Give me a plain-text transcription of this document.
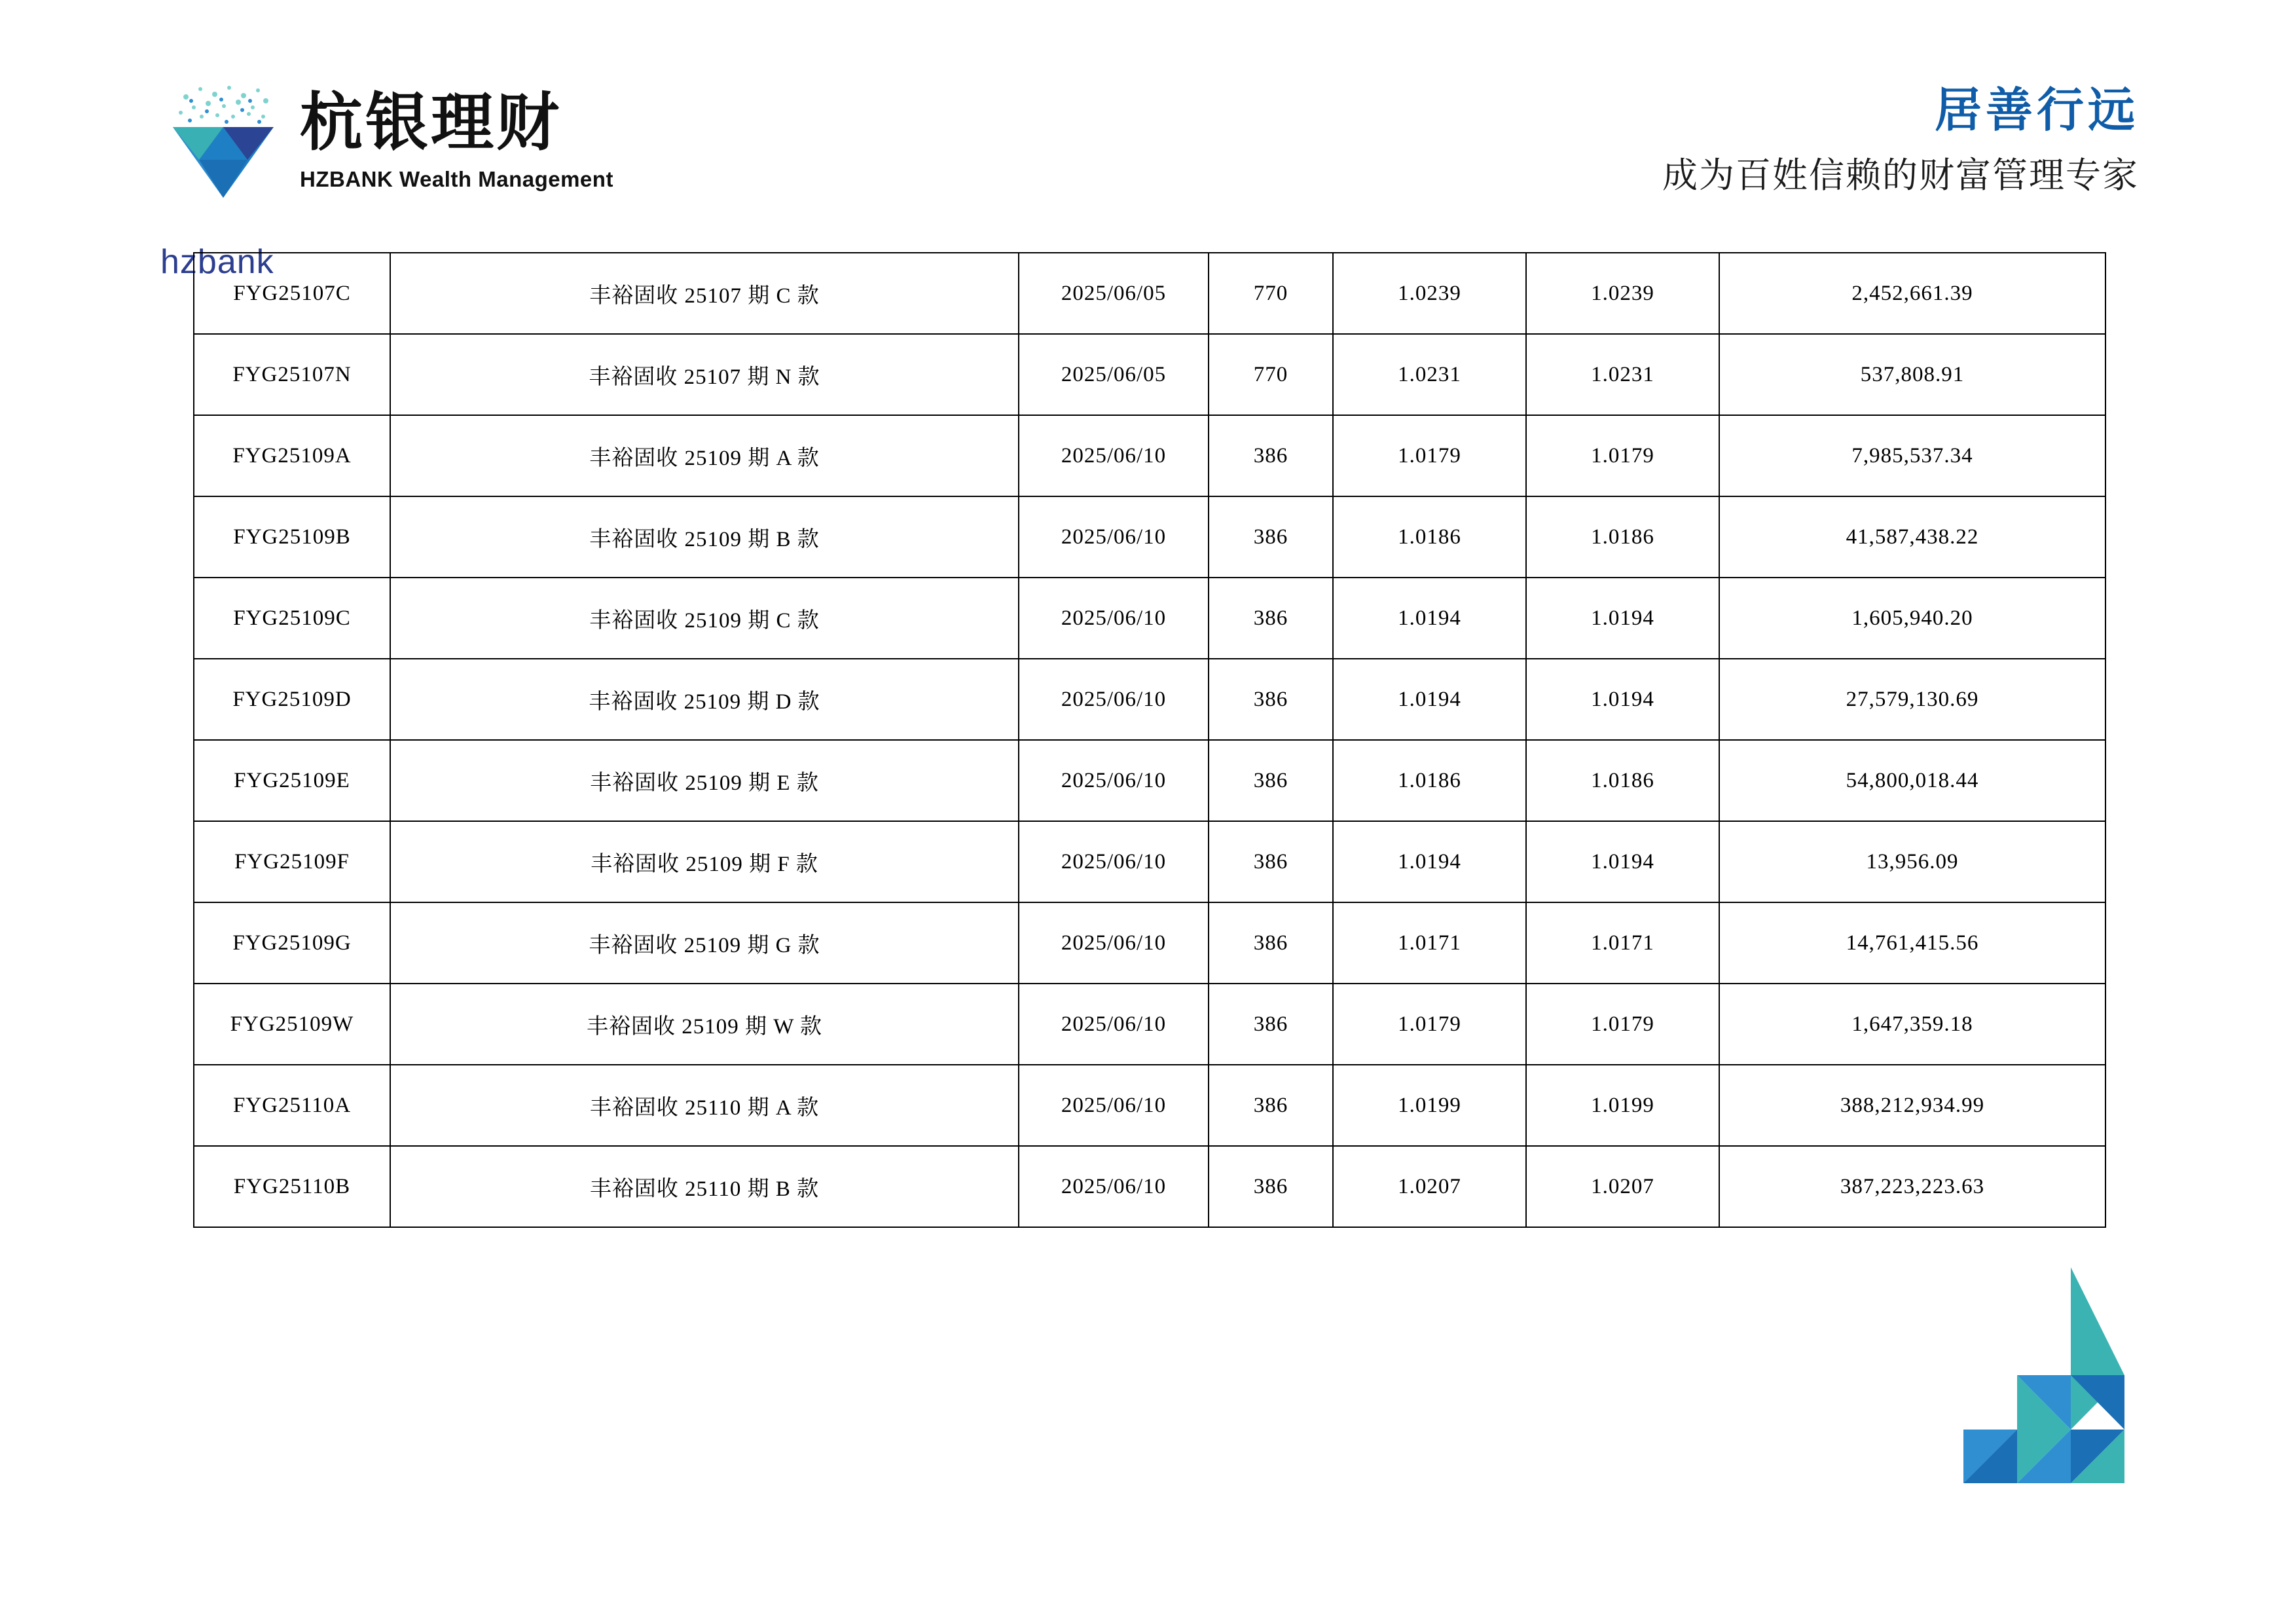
杭银理财
HZBANK Wealth Management
hzbank
居善行远
成为百姓信赖的财富管理专家
FYG25107C	丰裕固收 25107 期 C 款	2025/06/05	770	1.0239	1.0239	2,452,661.39
FYG25107N	丰裕固收 25107 期 N 款	2025/06/05	770	1.0231	1.0231	537,808.91
FYG25109A	丰裕固收 25109 期 A 款	2025/06/10	386	1.0179	1.0179	7,985,537.34
FYG25109B	丰裕固收 25109 期 B 款	2025/06/10	386	1.0186	1.0186	41,587,438.22
FYG25109C	丰裕固收 25109 期 C 款	2025/06/10	386	1.0194	1.0194	1,605,940.20
FYG25109D	丰裕固收 25109 期 D 款	2025/06/10	386	1.0194	1.0194	27,579,130.69
FYG25109E	丰裕固收 25109 期 E 款	2025/06/10	386	1.0186	1.0186	54,800,018.44
FYG25109F	丰裕固收 25109 期 F 款	2025/06/10	386	1.0194	1.0194	13,956.09
FYG25109G	丰裕固收 25109 期 G 款	2025/06/10	386	1.0171	1.0171	14,761,415.56
FYG25109W	丰裕固收 25109 期 W 款	2025/06/10	386	1.0179	1.0179	1,647,359.18
FYG25110A	丰裕固收 25110 期 A 款	2025/06/10	386	1.0199	1.0199	388,212,934.99
FYG25110B	丰裕固收 25110 期 B 款	2025/06/10	386	1.0207	1.0207	387,223,223.63
